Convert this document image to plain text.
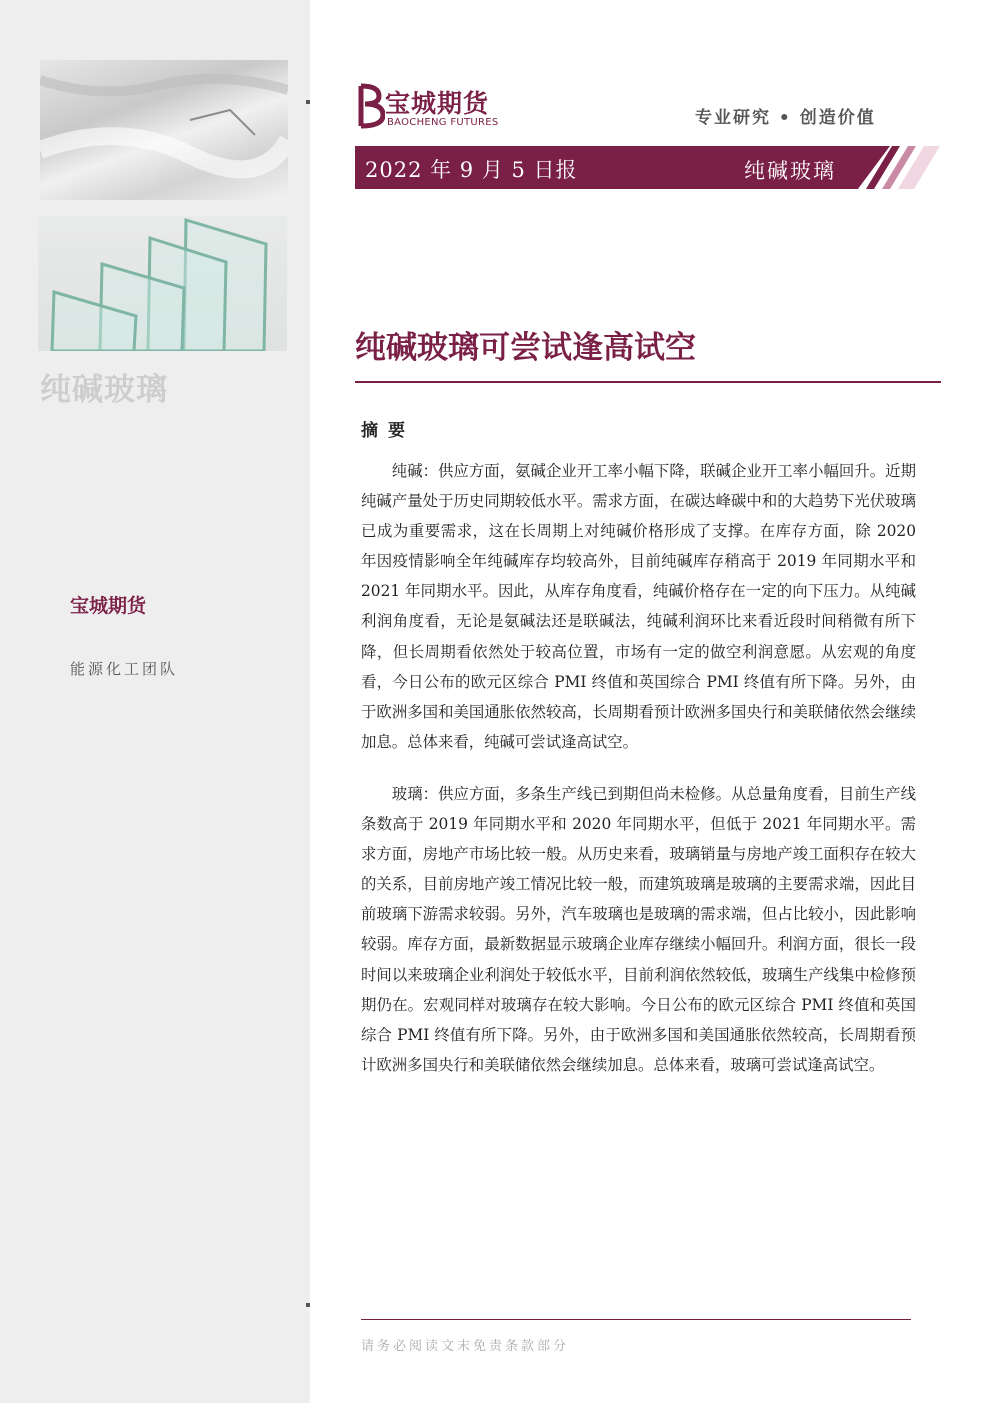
纯碱玻璃
宝城期货
能源化工团队
宝城期货
BAOCHENG FUTURES	专业研究 • 创造价值
2022 年 9 月 5 日报	纯碱玻璃
纯碱玻璃可尝试逢高试空
摘要

纯碱：供应方面，氨碱企业开工率小幅下降，联碱企业开工率小幅回升。近期纯碱产量处于历史同期较低水平。需求方面，在碳达峰碳中和的大趋势下光伏玻璃已成为重要需求，这在长周期上对纯碱价格形成了支撑。在库存方面，除 2020 年因疫情影响全年纯碱库存均较高外，目前纯碱库存稍高于 2019 年同期水平和 2021 年同期水平。因此，从库存角度看，纯碱价格存在一定的向下压力。从纯碱利润角度看，无论是氨碱法还是联碱法，纯碱利润环比来看近段时间稍微有所下降，但长周期看依然处于较高位置，市场有一定的做空利润意愿。从宏观的角度看，今日公布的欧元区综合 PMI 终值和英国综合 PMI 终值有所下降。另外，由于欧洲多国和美国通胀依然较高，长周期看预计欧洲多国央行和美联储依然会继续加息。总体来看，纯碱可尝试逢高试空。

玻璃：供应方面，多条生产线已到期但尚未检修。从总量角度看，目前生产线条数高于 2019 年同期水平和 2020 年同期水平，但低于 2021 年同期水平。需求方面，房地产市场比较一般。从历史来看，玻璃销量与房地产竣工面积存在较大的关系，目前房地产竣工情况比较一般，而建筑玻璃是玻璃的主要需求端，因此目前玻璃下游需求较弱。另外，汽车玻璃也是玻璃的需求端，但占比较小，因此影响较弱。库存方面，最新数据显示玻璃企业库存继续小幅回升。利润方面，很长一段时间以来玻璃企业利润处于较低水平，目前利润依然较低，玻璃生产线集中检修预期仍在。宏观同样对玻璃存在较大影响。今日公布的欧元区综合 PMI 终值和英国综合 PMI 终值有所下降。另外，由于欧洲多国和美国通胀依然较高，长周期看预计欧洲多国央行和美联储依然会继续加息。总体来看，玻璃可尝试逢高试空。

请务必阅读文末免责条款部分
